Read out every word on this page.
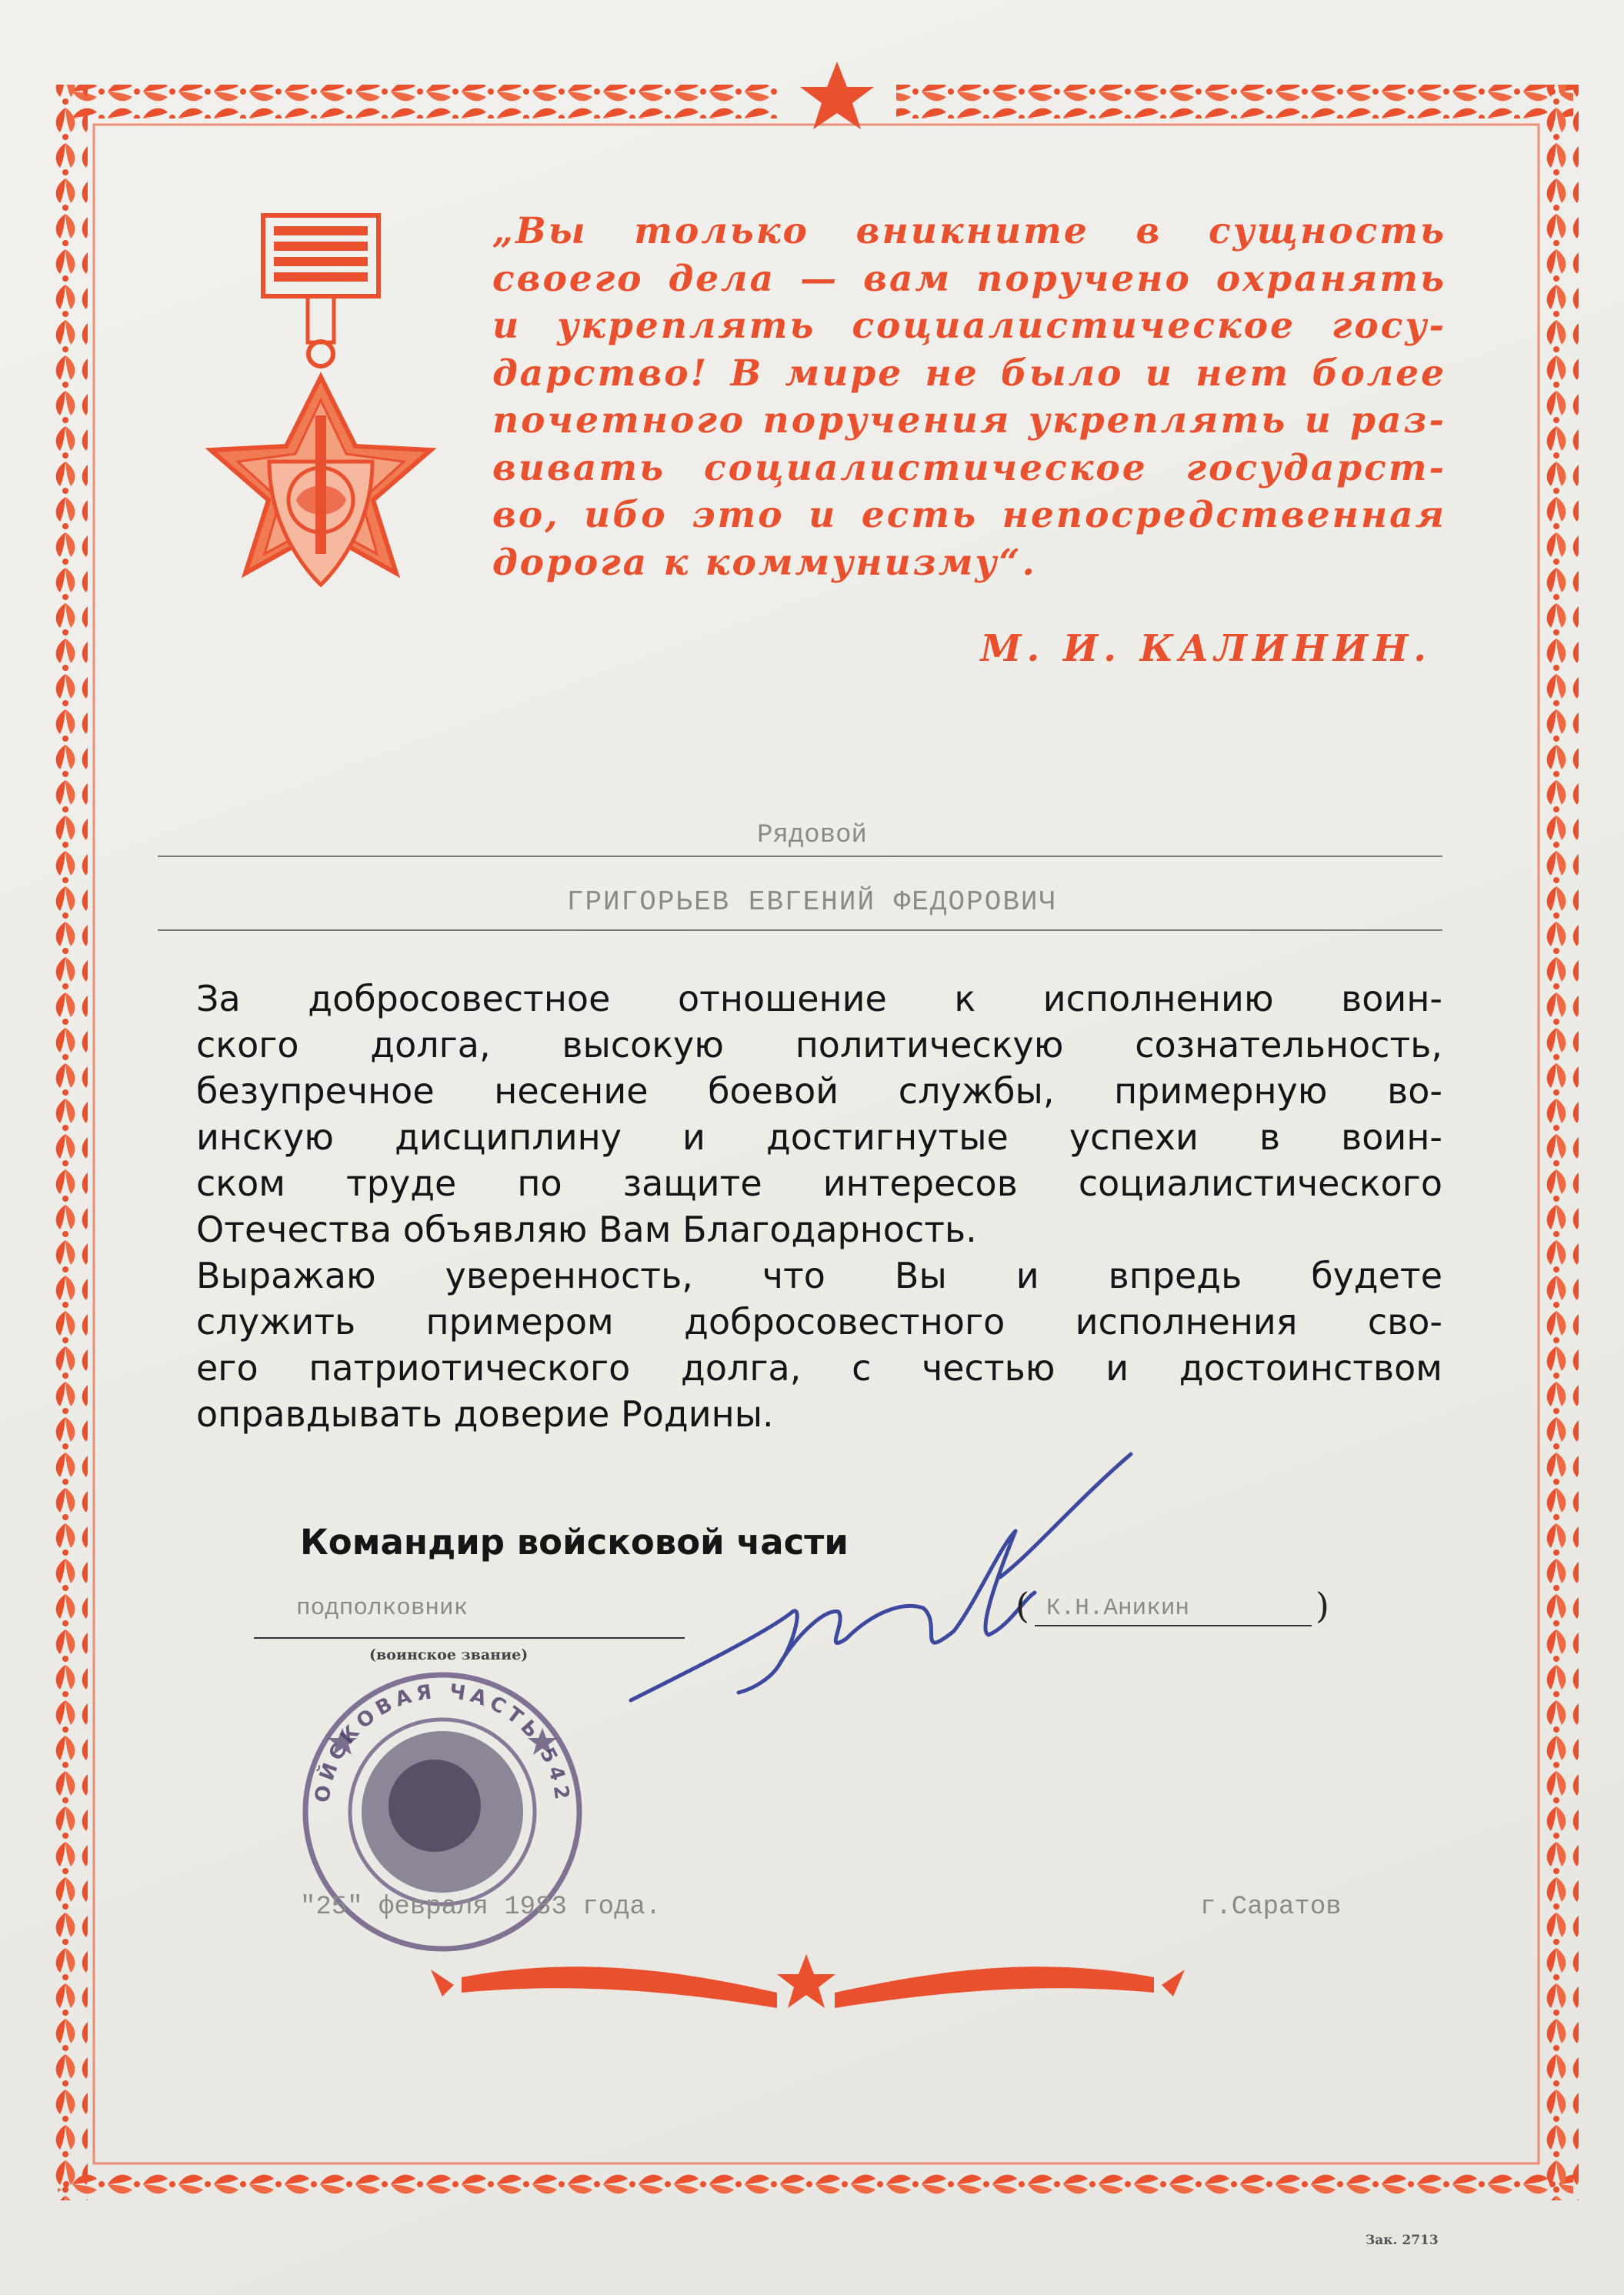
ОЙСКОВАЯ ЧАСТЬ 542
„Вы только вникните в сущность
своего дела — вам поручено охранять
и укреплять социалистическое госу-
дарство! В мире не было и нет более
почетного поручения укреплять и раз-
вивать социалистическое государст-
во, ибо это и есть непосредственная
дорога к коммунизму“.
М. И. КАЛИНИН.
Рядовой
ГРИГОРЬЕВ ЕВГЕНИЙ ФЕДОРОВИЧ
За добросовестное отношение к исполнению воин-
ского долга, высокую политическую сознательность,
безупречное несение боевой службы, примерную во-
инскую дисциплину и достигнутые успехи в воин-
ском труде по защите интересов социалистического
Отечества объявляю Вам Благодарность.
Выражаю уверенность, что Вы и впредь будете
служить примером добросовестного исполнения сво-
его патриотического долга, с честью и достоинством
оправдывать доверие Родины.
Командир войсковой части
подполковник
(воинское звание)
( К.Н.Аникин	)
"25" февраля 1983 года.	г.Саратов
Зак. 2713
